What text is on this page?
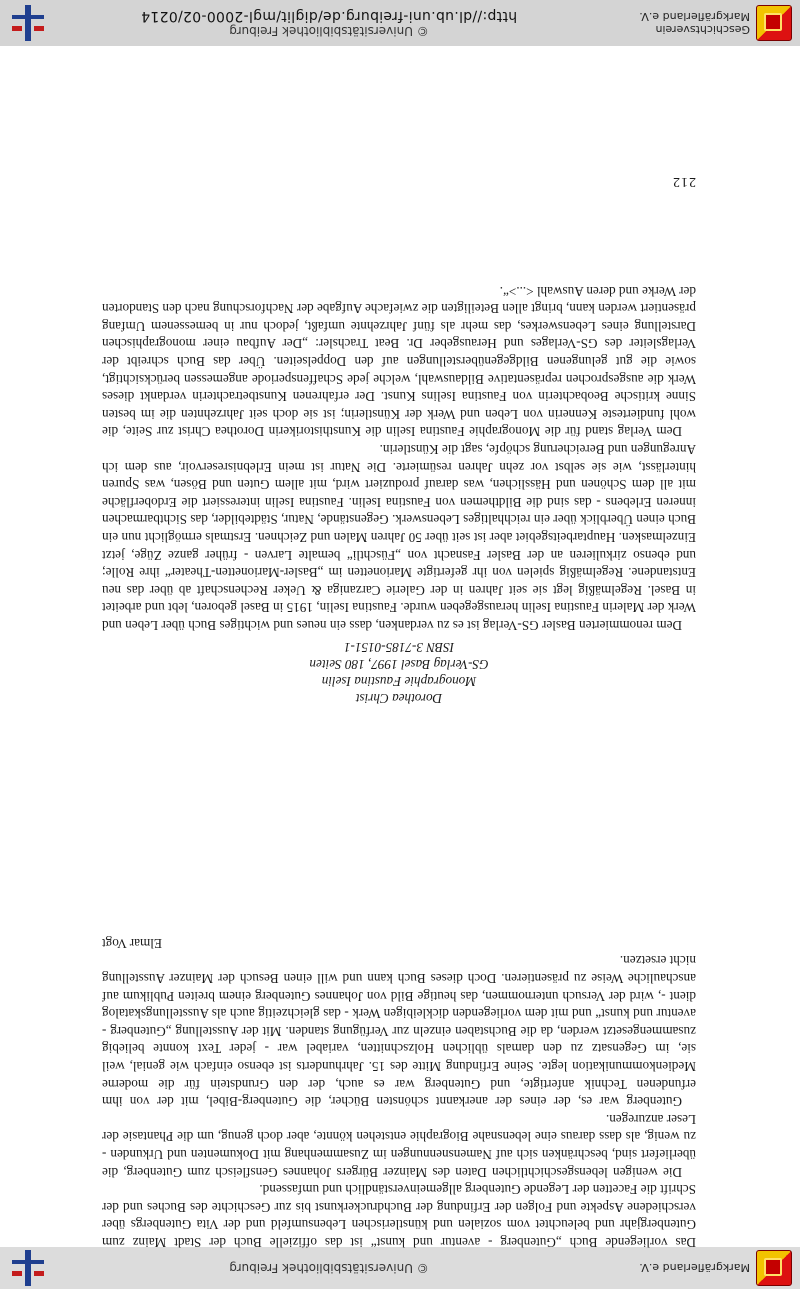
Markgräflerland e.V.
© Universitätsbibliothek Freiburg

Das vorliegende Buch „Gutenberg - aventur und kunst“ ist das offizielle Buch der Stadt Mainz zum Gutenbergjahr und beleuchtet vom sozialen und künstlerischen Lebensumfeld und der Vita Gutenbergs über verschiedene Aspekte und Folgen der Erfindung der Buchdruckerkunst bis zur Geschichte des Buches und der Schrift die Facetten der Legende Gutenberg allgemeinverständlich und umfassend.

Die wenigen lebensgeschichtlichen Daten des Mainzer Bürgers Johannes Gensfleisch zum Gutenberg, die überliefert sind, beschränken sich auf Namensnennungen im Zusammenhang mit Dokumenten und Urkunden - zu wenig, als dass daraus eine lebensnahe Biographie entstehen könnte, aber doch genug, um die Phantasie der Leser anzuregen.

Gutenberg war es, der eines der anerkannt schönsten Bücher, die Gutenberg-Bibel, mit der von ihm erfundenen Technik anfertigte, und Gutenberg war es auch, der den Grundstein für die moderne Medienkommunikation legte. Seine Erfindung Mitte des 15. Jahrhunderts ist ebenso einfach wie genial, weil sie, im Gegensatz zu den damals üblichen Holzschnitten, variabel war - jeder Text konnte beliebig zusammengesetzt werden, da die Buchstaben einzeln zur Verfügung standen. Mit der Ausstellung „Gutenberg - aventur und kunst“ und mit dem vorliegenden dickleibigen Werk - das gleichzeitig auch als Ausstellungskatalog dient -, wird der Versuch unternommen, das heutige Bild von Johannes Gutenberg einem breiten Publikum auf anschauliche Weise zu präsentieren. Doch dieses Buch kann und will einen Besuch der Mainzer Ausstellung nicht ersetzen.

Elmar Vogt

Dorothea Christ
Monographie Faustina Iselin
GS-Verlag Basel 1997, 180 Seiten
ISBN 3-7185-0151-1

Dem renommierten Basler GS-Verlag ist es zu verdanken, dass ein neues und wichtiges Buch über Leben und Werk der Malerin Faustina Iselin herausgegeben wurde. Faustina Iselin, 1915 in Basel geboren, lebt und arbeitet in Basel. Regelmäßig legt sie seit Jahren in der Galerie Carzaniga & Ueker Rechenschaft ab über das neu Entstandene. Regelmäßig spielen von ihr gefertigte Marionetten im „Basler-Marionetten-Theater“ ihre Rolle; und ebenso zirkulieren an der Basler Fasnacht von „Füschtli“ bemalte Larven - früher ganze Züge, jetzt Einzelmasken. Hauptarbeitsgebiet aber ist seit über 50 Jahren Malen und Zeichnen. Erstmals ermöglicht nun ein Buch einen Überblick über ein reichhaltiges Lebenswerk. Gegenstände, Natur, Städtebilder, das Sichtbarmachen inneren Erlebens - das sind die Bildthemen von Faustina Iselin. Faustina Iselin interessiert die Erdoberfläche mit all dem Schönen und Hässlichen, was darauf produziert wird, mit allem Guten und Bösen, was Spuren hinterlässt, wie sie selbst vor zehn Jahren resümierte. Die Natur ist mein Erlebnisreservoir, aus dem ich Anregungen und Bereicherung schöpfe, sagt die Künstlerin.

Dem Verlag stand für die Monographie Faustina Iselin die Kunsthistorikerin Dorothea Christ zur Seite, die wohl fundierteste Kennerin von Leben und Werk der Künstlerin; ist sie doch seit Jahrzehnten die im besten Sinne kritische Beobachterin von Faustina Iselins Kunst. Der erfahrenen Kunstbetrachterin verdankt dieses Werk die ausgesprochen repräsentative Bildauswahl, welche jede Schaffensperiode angemessen berücksichtigt, sowie die gut gelungenen Bildgegenüberstellungen auf den Doppelseiten. Über das Buch schreibt der Verlagsleiter des GS-Verlages und Herausgeber Dr. Beat Trachsler: „Der Aufbau einer monographischen Darstellung eines Lebenswerkes, das mehr als fünf Jahrzehnte umfaßt, jedoch nur in bemessenem Umfang präsentiert werden kann, bringt allen Beteiligten die zwiefache Aufgabe der Nachforschung nach den Standorten der Werke und deren Auswahl <...>“.

212
Geschichtsverein Markgräflerland e.V.
© Universitätsbibliothek Freiburg
http://dl.ub.uni-freiburg.de/diglit/mgl-2000-02/0214
